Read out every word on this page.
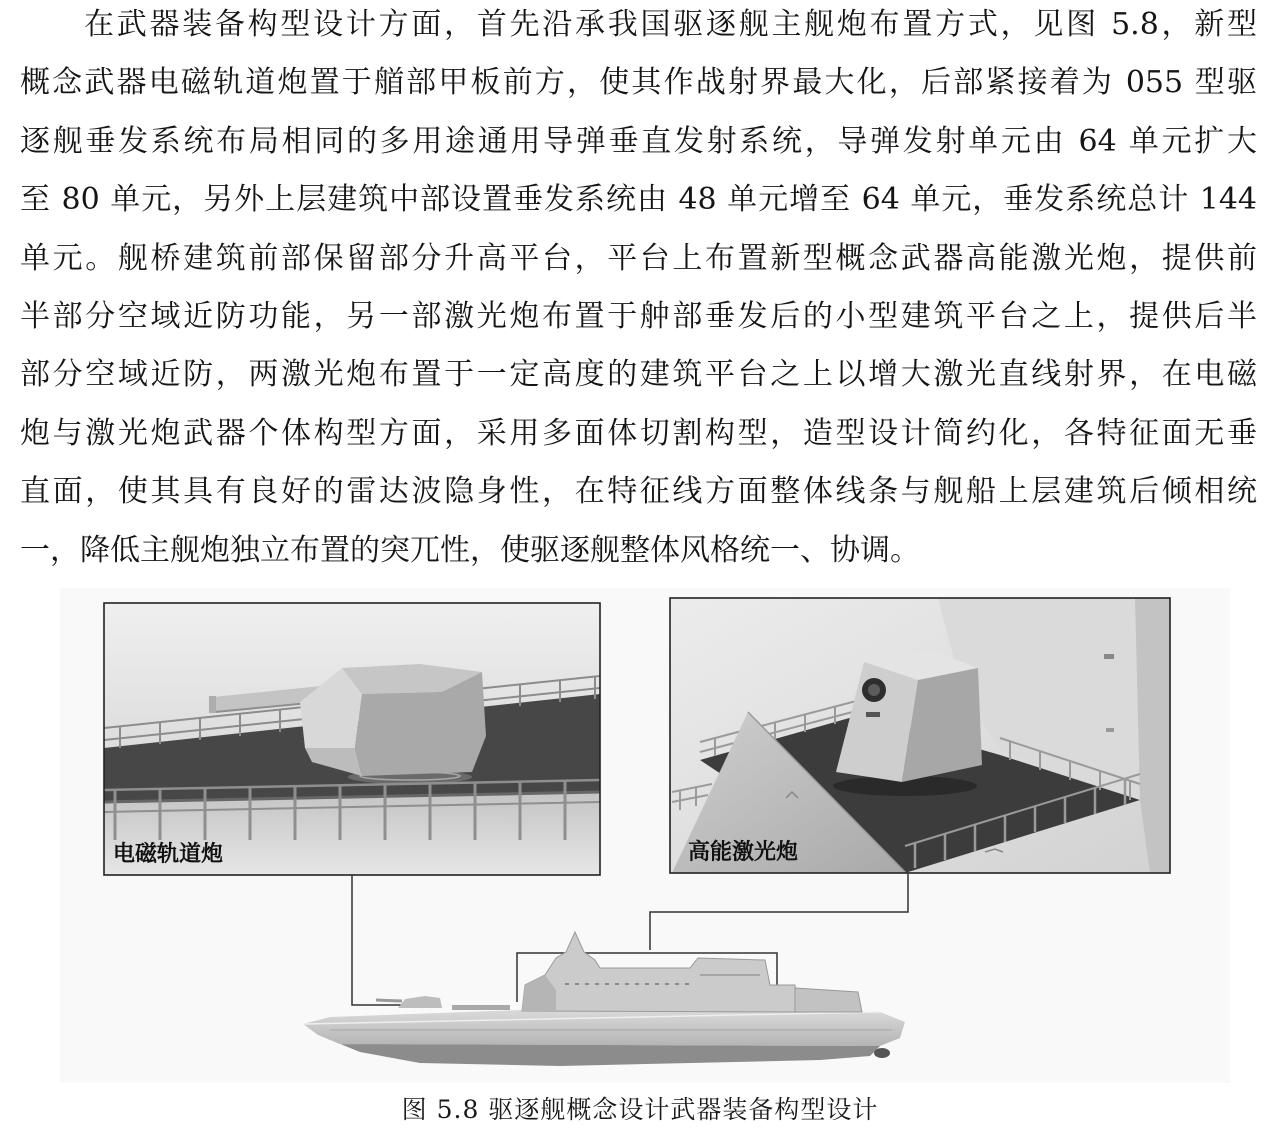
在武器装备构型设计方面，首先沿承我国驱逐舰主舰炮布置方式，见图 5.8，新型
概念武器电磁轨道炮置于艏部甲板前方，使其作战射界最大化，后部紧接着为 055 型驱
逐舰垂发系统布局相同的多用途通用导弹垂直发射系统，导弹发射单元由 64 单元扩大
至 80 单元，另外上层建筑中部设置垂发系统由 48 单元增至 64 单元，垂发系统总计 144
单元。舰桥建筑前部保留部分升高平台，平台上布置新型概念武器高能激光炮，提供前
半部分空域近防功能，另一部激光炮布置于舯部垂发后的小型建筑平台之上，提供后半
部分空域近防，两激光炮布置于一定高度的建筑平台之上以增大激光直线射界，在电磁
炮与激光炮武器个体构型方面，采用多面体切割构型，造型设计简约化，各特征面无垂
直面，使其具有良好的雷达波隐身性，在特征线方面整体线条与舰船上层建筑后倾相统
一，降低主舰炮独立布置的突兀性，使驱逐舰整体风格统一、协调。
电磁轨道炮	高能激光炮
图 5.8 驱逐舰概念设计武器装备构型设计
